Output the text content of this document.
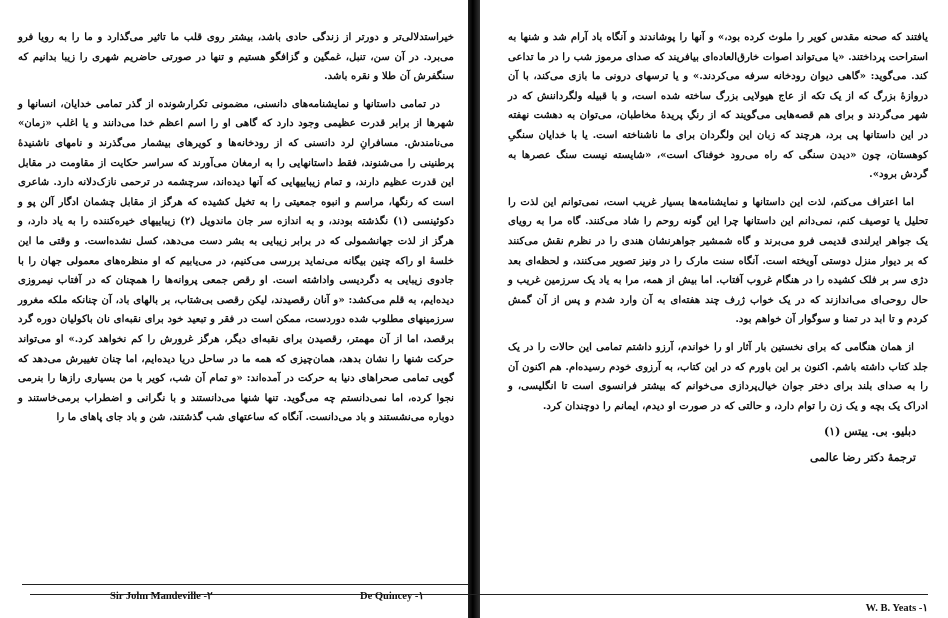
خیراستدلالی‌تر و دورتر از زندگی حادی باشد، بیشتر روی قلب ما تاثیر می‌گذارد و ما را به رویا فرو می‌برد. در آن سن، تنبل، غمگین و گزافگو هستیم و تنها در صورتی حاضریم شهری را زیبا بدانیم که سنگفرش آن طلا و نقره باشد.

در تمامی داستانها و نمایشنامه‌های دانسنی، مضمونی تکرارشونده از گذر تمامی خدایان، انسانها و شهرها از برابر قدرت عظیمی وجود دارد که گاهی او را اسم اعظم خدا می‌دانند و یا اغلب «زمان» می‌نامندش. مسافرانِ لرد دانسنی که از رودخانه‌ها و کویرهای بیشمار می‌گذرند و نامهای ناشنیدهٔ پرطنینی را می‌شنوند، فقط داستانهایی را به ارمغان می‌آورند که سراسر حکایت از مقاومت در مقابل این قدرت عظیم دارند، و تمام زیباییهایی که آنها دیده‌اند، سرچشمه در ترحمی نازک‌دلانه دارد. شاعری است که رنگها، مراسم و انبوه جمعیتی را به تخیل کشیده که هرگز از مقابل چشمان ادگار آلن پو و دکوئینسی (۱) نگذشته بودند، و به اندازه سر جان ماندویل (۲) زیباییهای خیره‌کننده را به یاد دارد، و هرگز از لذت جهانشمولی که در برابر زیبایی به بشر دست می‌دهد، کسل نشده‌است. و وقتی ما این خلسهٔ او راکه چنین بیگانه می‌نماید بررسی می‌کنیم، در می‌یابیم که او منظره‌های معمولی جهان را با جادوی زیبایی به دگردیسی واداشته است. او رقص جمعی پروانه‌ها را همچنان که در آفتاب نیمروزی دیده‌ایم، به قلم می‌کشد: «و آنان رقصیدند، لیکن رقصی بی‌شتاب، بر بالهای باد، آن چنانکه ملکه مغرور سرزمینهای مطلوب شده دوردست، ممکن است در فقر و تبعید خود برای نقبه‌ای نان باکولیان دوره گرد برقصد، اما از آن مهمتر، رقصیدن برای نقبه‌ای دیگر، هرگز غرورش را کم نخواهد کرد.» او می‌تواند حرکت شنها را نشان بدهد، همان‌چیزی که همه ما در ساحل دریا دیده‌ایم، اما چنان تغییرش می‌دهد که گویی تمامی صحراهای دنیا به حرکت در آمده‌اند: «و تمام آن شب، کویر با من بسیاری رازها را بنرمی نجوا کرده، اما نمی‌دانستم چه می‌گوید. تنها شنها می‌دانستند و با نگرانی و اضطراب برمی‌خاستند و دوباره می‌نشستند و باد می‌دانست. آنگاه که ساعتهای شب گذشتند، شن و باد جای پاهای ما را

Sir John Mandeville -۲	De Quincey -۱

یافتند که صحنه مقدس کویر را ملوث کرده بود،» و آنها را پوشاندند و آنگاه باد آرام شد و شنها به استراحت پرداختند. «یا می‌تواند اصوات خارق‌العاده‌ای بیافریند که صدای مرموز شب را در ما تداعی کند. می‌گوید: «گاهی دیوان رودخانه سرفه می‌کردند.» و یا ترسهای درونی ما بازی می‌کند، با آن دروازهٔ بزرگ که از یک تکه از عاج هیولایی بزرگ ساخته شده است، و با قبیله ولگرداننش که در شهر می‌گردند و برای هم قصه‌هایی می‌گویند که از رنگِ پریدهٔ مخاطبان، می‌توان به دهشت نهفته در این داستانها پی برد، هرچند که زبان این ولگردان برای ما ناشناخته است. یا با خدایان سنگیِ کوهستان، چون «دیدن سنگی که راه می‌رود خوفناک است»، «شایسته نیست سنگ عصرها به گردش برود».

اما اعتراف می‌کنم، لذت این داستانها و نمایشنامه‌ها بسیار غریب است، نمی‌توانم این لذت را تحلیل یا توصیف کنم، نمی‌دانم این داستانها چرا این گونه روحم را شاد می‌کنند. گاه مرا به رویای یک جواهر ایرلندی قدیمی فرو می‌برند و گاه شمشیر جواهرنشان هندی را در نظرم نقش می‌کنند که بر دیوار منزل دوستی آویخته است. آنگاه سنت مارک را در ونیز تصویر می‌کنند، و لحظه‌ای بعد دژی سر بر فلک کشیده را در هنگام غروب آفتاب. اما بیش از همه، مرا به یاد یک سرزمین غریب و حال روحی‌ای می‌اندازند که در یک خواب ژرف چند هفته‌ای به آن وارد شدم و پس از آن گمش کردم و تا ابد در تمنا و سوگوار آن خواهم بود.

از همان هنگامی که برای نخستین بار آثار او را خواندم، آرزو داشتم تمامی این حالات را در یک جلد کتاب داشته باشم. اکنون بر این باورم که در این کتاب، به آرزوی خودم رسیده‌ام. هم اکنون آن را به صدای بلند برای دختر جوان خیال‌پردازی می‌خوانم که بیشتر فرانسوی است تا انگلیسی، و ادراک یک بچه و یک زن را توام دارد، و حالتی که در صورت او دیدم، ایمانم را دوچندان کرد.

دبلیو. بی. ییتس (۱)
ترجمهٔ دکتر رضا عالمی
W. B. Yeats -۱
